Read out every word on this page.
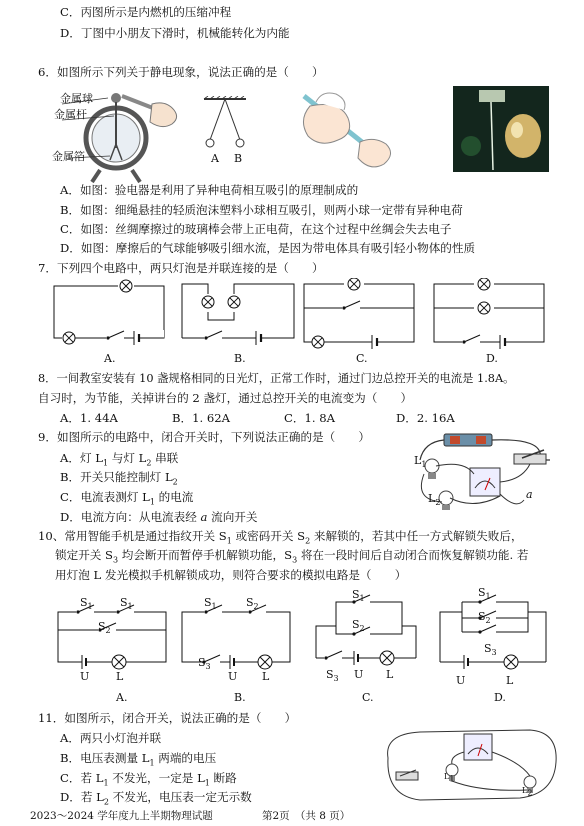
C．丙图所示是内燃机的压缩冲程
D．丁图中小朋友下滑时，机械能转化为内能
6．如图所示下列关于静电现象，说法正确的是（　　）
金属球
金属杆
金属箔	A B
A．如图：验电器是利用了异种电荷相互吸引的原理制成的
B．如图：细绳悬挂的轻质泡沫塑料小球相互吸引，则两小球一定带有异种电荷
C．如图：丝绸摩擦过的玻璃棒会带上正电荷，在这个过程中丝绸会失去电子
D．如图：摩擦后的气球能够吸引细水流，是因为带电体具有吸引轻小物体的性质
7．下列四个电路中，两只灯泡是并联连接的是（　　）
A.	B.	C.	D.
8．一间教室安装有 10 盏规格相同的日光灯，正常工作时，通过门边总控开关的电流是 1.8A。
自习时，为节能，关掉讲台的 2 盏灯，通过总控开关的电流变为（　　）
A．1. 44A	B．1. 62A	C．1. 8A	D．2. 16A
9．如图所示的电路中，闭合开关时，下列说法正确的是（　　）
A．灯 $L_1$ 与灯 $L_2$ 串联
B．开关只能控制灯 $L_2$
C．电流表测灯 $L_1$ 的电流
D．电流方向：从电流表经 a 流向开关
$L_1$
$L_2$
a
10、常用智能手机是通过指纹开关 $S_1$ 或密码开关 $S_2$ 来解锁的，若其中任一方式解锁失败后，
锁定开关 $S_3$ 均会断开而暂停手机解锁功能，$S_3$ 将在一段时间后自动闭合而恢复解锁功能. 若
用灯泡 L 发光模拟手机解锁成功，则符合要求的模拟电路是（　　）
$S_1$ $S_1$
$S_2$
U L
$S_1$	$S_2$
$S_3$
U L
$S_1$
$S_2$
$S_3$ U L
$S_1$
$S_2$
$S_3$
U	L
A.	B.	C.	D.
11．如图所示，闭合开关，说法正确的是（　　）
A．两只小灯泡并联
B．电压表测量 $L_1$ 两端的电压
C．若 $L_1$ 不发光，一定是 $L_1$ 断路
D．若 $L_2$ 不发光，电压表一定无示数
$L_1$
$L_2$
2023～2024 学年度九上半期物理试题	第2页　（共 8 页）
